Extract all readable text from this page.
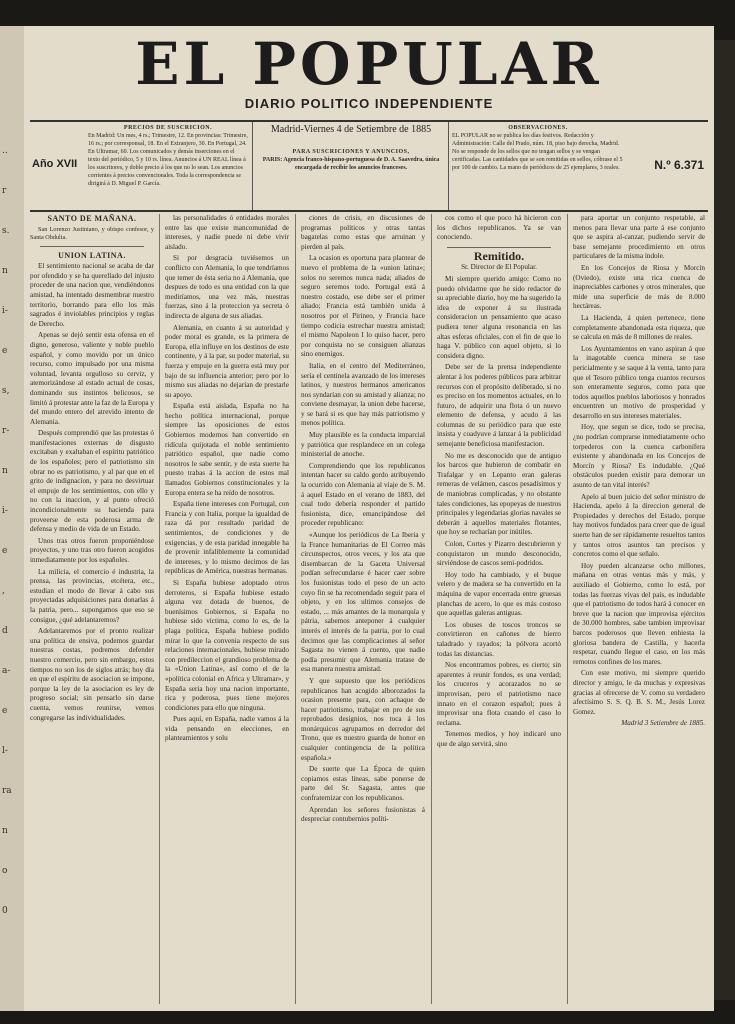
..
r
s.
n
i-
e
s,
r-
n
i-
e
,
d
a-
e
l-
ra
n
o
0
EL POPULAR
DIARIO POLITICO INDEPENDIENTE
Año XVII
PRECIOS DE SUSCRICION.
En Madrid: Un mes, 4 rs.; Trimestre, 12. En provincias: Trimestre, 16 rs.; por corresponsal, 18. En el Extranjero, 30. En Portugal, 24. En Ultramar, 60. Los comunicados y demás inserciones en el texto del periódico, 5 y 10 rs. línea. Anuncios á UN REAL línea á los suscritores, y doble precio á los que no lo sean. Los anuncios corrientes á precios convencionales. Toda la correspondencia se dirigirá á D. Miguel P. García.
Madrid-Viernes 4 de Setiembre de 1885
PARA SUSCRICIONES Y ANUNCIOS,
PARIS: Agencia franco-hispano-portuguesa de D. A. Saavedra, única encargada de recibir los anuncios franceses.
OBSERVACIONES.
EL POPULAR no se publica los días festivos. Redacción y Administración: Calle del Prado, núm. 18, piso bajo derecha, Madrid. No se responde de los sellos que no tengan sellos y se vengan certificadas. Las cantidades que se son remitidas en sellos, cóbrase el 5 por 100 de cambio. La mano de periódicos de 25 ejemplares, 3 reales.	N.º 6.371

SANTO DE MAÑANA.

San Lorenzo Justiniano, y obispo confesor, y Santa Obdulia.

UNION LATINA.

El sentimiento nacional se acaba de dar por ofendido y se ha querellado del injusto proceder de una nacion que, vendiéndonos amistad, ha intentado desmembrar nuestro territorio, borrando para ello los más sagrados é inviolables principios y reglas de Derecho.

Apenas se dejó sentir esta ofensa en el digno, generoso, valiente y noble pueblo español, y como movido por un único recurso, como impulsado por una misma voluntad, levanta orgulloso su cerviz, y atemorizándose al estado actual de cosas, dominando sus instintos belicosos, se limitó á protestar ante la faz de la Europa y del mundo entero del atrevido intento de Alemania.

Después comprendió que las protestas ó manifestaciones externas de disgusto excitaban y exaltaban el espíritu patriótico de los españoles; pero el patriotismo sin obrar no es patriotismo, y al par que en el grito de indignacion, y para no desvirtuar el empuje de los sentimientos, con ello y no con la inaccion, y al punto ofreció incondicionalmente su hacienda para proveerse de esta poderosa arma de defensa y medio de vida de un Estado.

Unos tras otros fueron proponiéndose proyectos, y uno tras otro fueron acogidos inmediatamente por los españoles.

La milicia, el comercio é industria, la prensa, las provincias, etcétera, etc., estudian el modo de llevar á cabo sus proyectadas adquisiciones para donarlas á la patria, pero... supongamos que eso se consigue, ¿qué adelantaremos?

Adelantaremos por el pronto realizar una política de ensiva, podemos guardar nuestras costas, podremos defender nuestro comercio, pero sin embargo, estos tiempos no son los de siglos atrás; hoy día en que el espíritu de asociacion se impone, porque la ley de la asociacion es ley de progreso social; sin pensarlo sin darse cuenta, vemos reunirse, vemos congregarse las individualidades.

las personalidades ó entidades morales entre las que existe mancomunidad de intereses, y nadie puede ni debe vivir aislado.

Si por desgracia tuviésemos un conflicto con Alemania, lo que tendríamos que temer de ésta seria no á Alemania, que despues de todo es una entidad con la que mediríamos, una vez más, nuestras fuerzas, sino á la proteccion ya secreta ó indirecta de alguna de sus aliadas.

Alemania, en cuanto á su autoridad y poder moral es grande, es la primera de Europa, ella influye en los destinos de este continente, y á la par, su poder material, su fuerza y empuje en la guerra está muy por bajo de su influencia anterior; pero por lo mismo sus aliadas no dejarían de prestarle su apoyo.

España está aislada, España no ha hecho política internacional, porque siempre las oposiciones de estos Gobiernos modernos han convertido en ridícula quijotada el noble sentimiento patriótico español, que nadie como nosotros le sabe sentir, y de esta suerte ha puesto trabas á la accion de estos mal llamados Gobiernos constitucionales y la Europa entera se ha reído de nosotros.

España tiene intereses con Portugal, con Francia y con Italia, porque la igualdad de raza dá por resultado paridad de sentimientos, de condiciones y de exigencias, y de esta paridad innegable ha de provenir infaliblemente la comunidad de intereses, y lo mismo decimos de las repúblicas de América, nuestras hermanas.

Si España hubiese adoptado otros derroteros, si España hubiese estado alguna vez dotada de buenos, de buenísimos Gobiernos, si España no hubiese sido víctima, como lo es, de la plaga política, España hubiese podido mirar lo que la convenia respecto de sus relaciones internacionales, hubiese mirado con predileccion el grandioso problema de la «Union Latina», así como el de la «política colonial en Africa y Ultramar», y España seria hoy una nacion importante, rica y poderosa, pues tiene mejores condiciones para ello que ninguna.

Pues aquí, en España, nadie vamos á la vida pensando en elecciones, en planteamientos y solu

ciones de crisis, en discusiones de programas políticos y otras tantas bagatelas como estas que arruinan y pierden al país.

La ocasion es oportuna para plantear de nuevo el problema de la «union latina»; solos no seremos nunca nada; aliados de seguro seremos todo. Portugal está á nuestro costado, ese debe ser el primer aliado; Francia está también unida á nosotros por el Pirineo, y Francia hace tiempo codicia estrechar nuestra amistad; el mismo Napoleon I lo quiso hacer, pero por conquista no se consiguen alianzas sino enemigos.

Italia, en el centro del Mediterráneo, sería el centinela avanzado de los intereses latinos, y nuestros hermanos americanos nos syndarían con su amistad y alianza; no conviene desmayar, la union debe hacerse, y se hará si es que hay más patriotismo y menos política.

Muy plausible es la conducta imparcial y patriótica que resplandece en un colega ministerial de anoche.

Comprendiendo que los republicanos intentan hacer su caldo gordo atribuyendo la ocurrido con Alemania al viaje de S. M. á aquel Estado en el verano de 1883, del cual todo debería responder el partido fusionista, dice, emancipándose del proceder republicano:

«Aunque los periódicos de La Iberia y la France humanitarias de El Correo más circunspectos, otros veces, y los ata que disembarcan de la Gaceta Universal podían sefrecundarse é hacer caer sobre los fusionistas todo el peso de un acto cuyo fin se ha recomendado seguir para el objeto, y en los ultimos consejos de estado, ... más amantes de la monarquía y pátria, sabemos anteponer á cualquier interés el interés de la patria, por lo cual decimos que las complicaciones al señor Sagasta no vienen á cuento, que nadie podía presumir que Alemania tratase de esa manera nuestra amistad.

Y que supuesto que los periódicos republicanos han acogido alborozados la ocasion presente para, con achaque de hacer patriotismo, trabajar en pro de sus reprobados designios, nos toca á los monárquicos agruparnos en derredor del Trono, que es nuestro guarda de honor en cualquier contingencia de la política española.»

De suerte que La Época de quien copiamos estas líneas, sabe ponerse de parte del Sr. Sagasta, antes que confraternizar con los republicanos.

Aprendan los señores fusionistas á despreciar contubernios políti-

cos como el que poco há hicieron con los dichos republicanos. Ya se van conociendo.

Remitido.

Sr. Director de El Popular.

Mi siempre querido amigo: Como no puedo olvidarme que he sido redactor de su apreciable diario, hoy me ha sugerido la idea de exponer á su ilustrada consideracion un pensamiento que acaso pudiera tener alguna resonancia en las altas esferas oficiales, con el fin de que lo haga V. público con aquel objeto, si lo considera digno.

Debe ser de la prensa independiente alentar á los poderes públicos para arbitrar recursos con el propósito deliberado, si no es preciso en los momentos actuales, en lo futuro, de adquirir una flota ó un nuevo elemento de defensa, y acudo á las columnas de su periódico para que este insista y coadyuve á lanzar á la publicidad semejante beneficiosa manifestacion.

No me es desconocido que de antiguo los barcos que hubieron de combatir en Trafalgar y en Lepanto eran galeras remeras de velámen, cascos pesadísimos y de maniobras complicadas, y no obstante tales condiciones, las epopeyas de nuestros principales y legendarias glorias navales se deberán á aquellos materiales flotantes, que hoy se recharían por inútiles.

Colon, Cortes y Pizarro descubrieron y conquistaron un mundo desconocido, sirviéndose de cascos semi-podridos.

Hoy todo ha cambiado, y el buque velero y de madera se ha convertido en la máquina de vapor encerrada entre gruesas planchas de acero, lo que es más costoso que aquellas galeras antiguas.

Los obuses de toscos troncos se convirtieron en cañones de hierro taladrado y rayados; la pólvora acortó todas las distancias.

Nos encontramos pobres, es cierto; sin aparentes á reunir fondos, es una verdad; los cruceros y acorazados no se improvisan, pero el patriotismo nace innato en el corazon español; pues á improvisar una flota cuando el caso lo reclama.

Tenemos medios, y hoy indicaré uno que de algo servirá, sino

para aportar un conjunto respetable, al menos para llevar una parte á ese conjunto que se aspira al-canzar, pudiendo servir de base semejante procedimiento en otros particulares de la misma índole.

En los Concejos de Riosa y Morcín (Oviedo), existe una rica cuenca de inapreciables carbones y otros minerales, que mide una superficie de más de 8.000 hectáreas.

La Hacienda, á quien pertenece, tiene completamente abandonada esta riqueza, que se calcula en más de 8 millones de reales.

Los Ayuntamientos en vano aspiran á que la inagotable cuenca minera se tase pericialmente y se saque á la venta, tanto para que el Tesoro público tenga cuantos recursos son enteramente seguros, como para que todos aquellos pueblos laboriosos y honrados encuentren un motivo de prosperidad y desarrollo en sus intereses materiales.

Hoy, que segun se dice, todo se precisa, ¿no podrían comprarse inmediatamente ocho torpederos con la cuenca carbonífera existente y abandonada en los Concejos de Morcín y Riosa? Es indudable. ¿Qué obstáculos pueden existir para demorar un asunto de tan vital interés?

Apelo al buen juicio del señor ministro de Hacienda, apelo á la direccion general de Propiedades y derechos del Estado, porque hay motivos fundados para creer que de igual suerte han de ser rápidamente resueltos tantos y tantos otros asuntos tan precisos y concretos como el que señalo.

Hoy pueden alcanzarse ocho millones, mañana en otras ventas más y más, y auxiliado el Gobierno, como lo está, por todas las fuerzas vivas del país, es indudable que el patriotismo de todos hará á conocer en breve que la nacion que improvisa ejércitos de 30.000 hombres, sabe tambien improvisar barcos poderosos que lleven enhiesta la gloriosa bandera de Castilla, y hacerla respetar, cuando llegue el caso, en los más remotos confines de los mares.

Con este motivo, mi siempre querido director y amigo, le da muchas y expresivas gracias al ofrecerse de V. como su verdadero afectísimo S. S. Q. B. S. M., Jesús Lorez Gomez.

Madrid 3 Setiembre de 1885.
